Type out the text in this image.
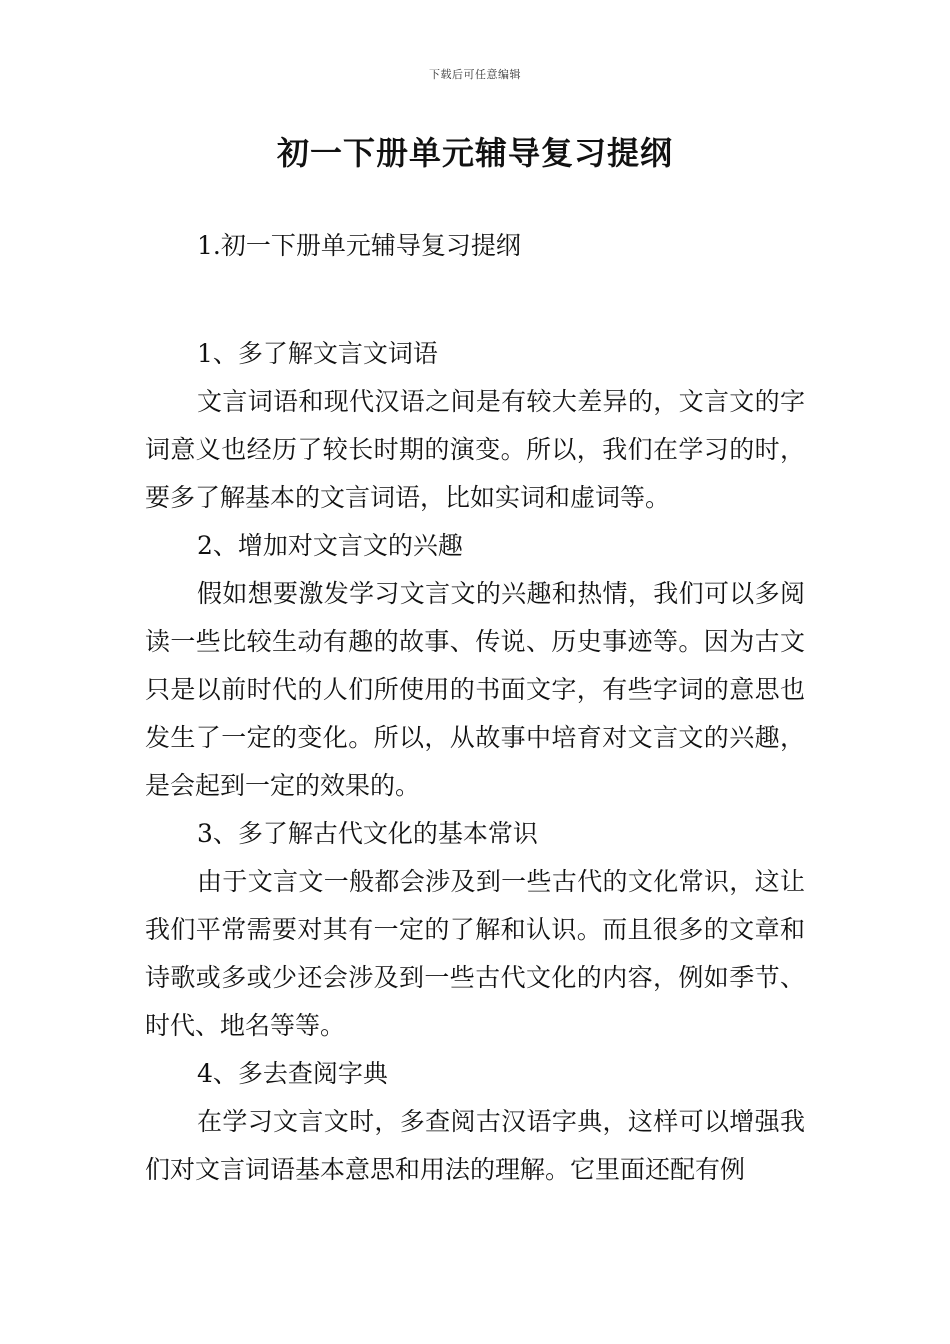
下载后可任意编辑
初一下册单元辅导复习提纲

1.初一下册单元辅导复习提纲

1、多了解文言文词语

文言词语和现代汉语之间是有较大差异的，文言文的字词意义也经历了较长时期的演变。所以，我们在学习的时，要多了解基本的文言词语，比如实词和虚词等。

2、增加对文言文的兴趣

假如想要激发学习文言文的兴趣和热情，我们可以多阅读一些比较生动有趣的故事、传说、历史事迹等。因为古文只是以前时代的人们所使用的书面文字，有些字词的意思也发生了一定的变化。所以，从故事中培育对文言文的兴趣，是会起到一定的效果的。

3、多了解古代文化的基本常识

由于文言文一般都会涉及到一些古代的文化常识，这让我们平常需要对其有一定的了解和认识。而且很多的文章和诗歌或多或少还会涉及到一些古代文化的内容，例如季节、时代、地名等等。

4、多去查阅字典

在学习文言文时，多查阅古汉语字典，这样可以增强我们对文言词语基本意思和用法的理解。它里面还配有例
